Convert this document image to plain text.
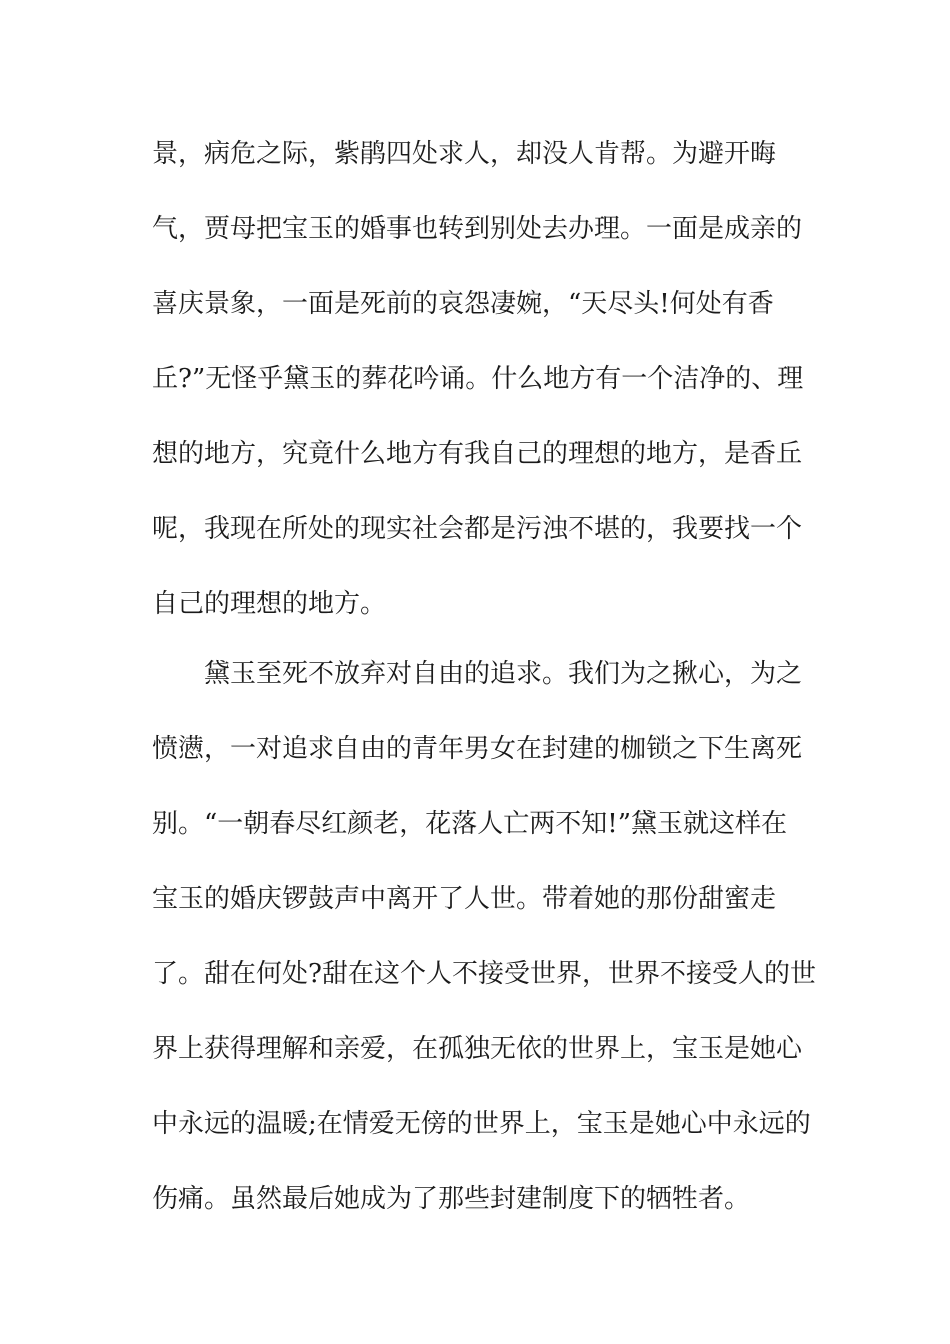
景，病危之际，紫鹃四处求人，却没人肯帮。为避开晦
气，贾母把宝玉的婚事也转到别处去办理。一面是成亲的
喜庆景象，一面是死前的哀怨凄婉，“天尽头!何处有香
丘?”无怪乎黛玉的葬花吟诵。什么地方有一个洁净的、理
想的地方，究竟什么地方有我自己的理想的地方，是香丘
呢，我现在所处的现实社会都是污浊不堪的，我要找一个
自己的理想的地方。
黛玉至死不放弃对自由的追求。我们为之揪心，为之
愤懑，一对追求自由的青年男女在封建的枷锁之下生离死
别。“一朝春尽红颜老，花落人亡两不知!”黛玉就这样在
宝玉的婚庆锣鼓声中离开了人世。带着她的那份甜蜜走
了。甜在何处?甜在这个人不接受世界，世界不接受人的世
界上获得理解和亲爱，在孤独无依的世界上，宝玉是她心
中永远的温暖;在情爱无傍的世界上，宝玉是她心中永远的
伤痛。虽然最后她成为了那些封建制度下的牺牲者。
